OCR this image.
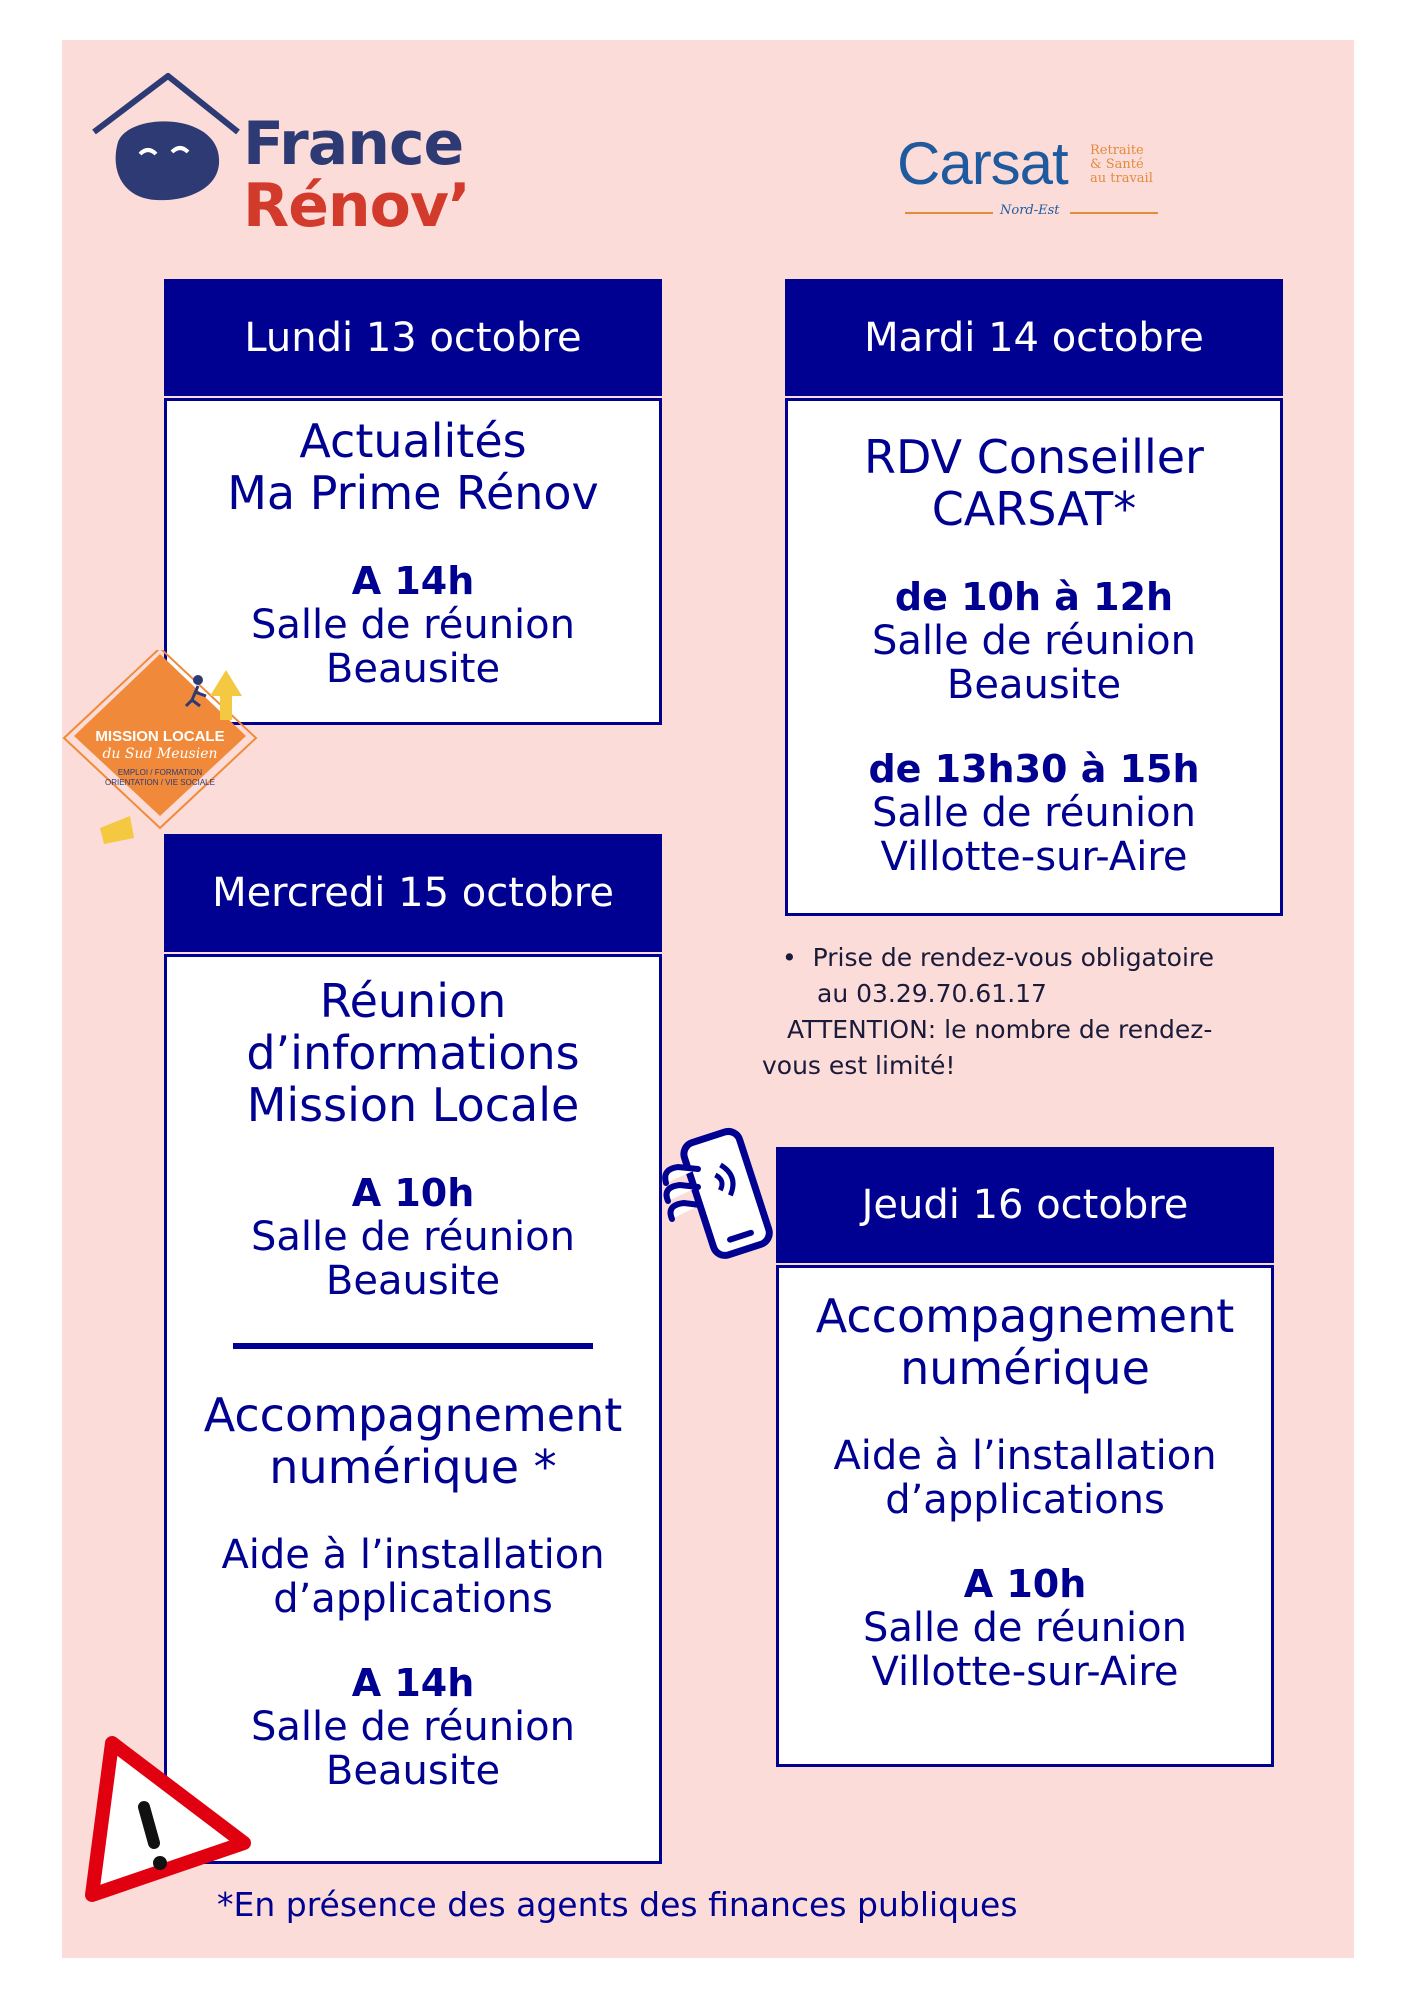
France
Rénov’
Carsat Retraite
& Santé
au travail
Nord-Est
Lundi 13 octobre
Actualités
Ma Prime Rénov
A 14h
Salle de réunion
Beausite
Mardi 14 octobre
RDV Conseiller
CARSAT*
de 10h à 12h
Salle de réunion
Beausite
de 13h30 à 15h
Salle de réunion
Villotte-sur-Aire
•  Prise de rendez-vous obligatoire
au 03.29.70.61.17
ATTENTION: le nombre de rendez-
vous est limité!
MISSION LOCALE
du Sud Meusien
EMPLOI / FORMATION
ORIENTATION / VIE SOCIALE
Mercredi 15 octobre
Réunion
d’informations
Mission Locale
A 10h
Salle de réunion
Beausite
Accompagnement
numérique *
Aide à l’installation
d’applications
A 14h
Salle de réunion
Beausite
Jeudi 16 octobre
Accompagnement
numérique
Aide à l’installation
d’applications
A 10h
Salle de réunion
Villotte-sur-Aire
*En présence des agents des finances publiques
